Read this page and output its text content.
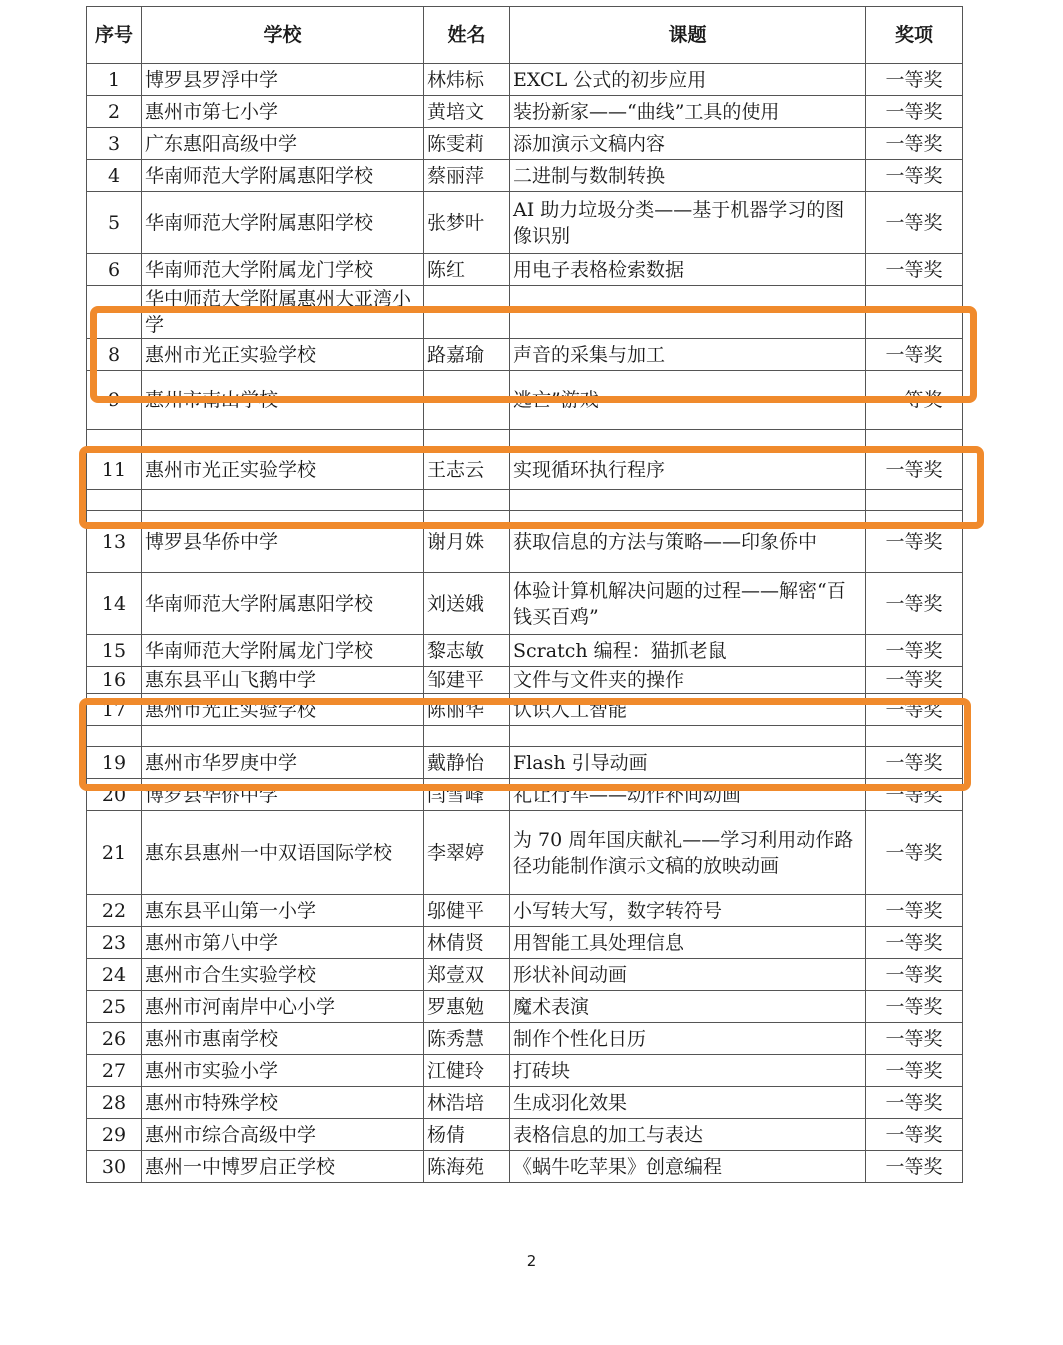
序号	学校	姓名	课题	奖项
1	博罗县罗浮中学	林炜标	EXCL 公式的初步应用	一等奖
2	惠州市第七小学	黄培文	装扮新家——“曲线”工具的使用	一等奖
3	广东惠阳高级中学	陈雯莉	添加演示文稿内容	一等奖
4	华南师范大学附属惠阳学校	蔡丽萍	二进制与数制转换	一等奖
5	华南师范大学附属惠阳学校	张梦叶	AI 助力垃圾分类——基于机器学习的图像识别	一等奖
6	华南师范大学附属龙门学校	陈红	用电子表格检索数据	一等奖
	华中师范大学附属惠州大亚湾小学			
8	惠州市光正实验学校	路嘉瑜	声音的采集与加工	一等奖
9	惠州市南山学校		逃亡”游戏	一等奖

11	惠州市光正实验学校	王志云	实现循环执行程序	一等奖

13	博罗县华侨中学	谢月姝	获取信息的方法与策略——印象侨中	一等奖
14	华南师范大学附属惠阳学校	刘送娥	体验计算机解决问题的过程——解密“百钱买百鸡”	一等奖
15	华南师范大学附属龙门学校	黎志敏	Scratch 编程：猫抓老鼠	一等奖
16	惠东县平山飞鹅中学	邹建平	文件与文件夹的操作	一等奖
17	惠州市光正实验学校	陈丽华	认识人工智能	一等奖

19	惠州市华罗庚中学	戴静怡	Flash 引导动画	一等奖
20	博罗县华侨中学	闫雪峰	礼让行车——动作补间动画	一等奖
21	惠东县惠州一中双语国际学校	李翠婷	为 70 周年国庆献礼——学习利用动作路径功能制作演示文稿的放映动画	一等奖
22	惠东县平山第一小学	邬健平	小写转大写，数字转符号	一等奖
23	惠州市第八中学	林倩贤	用智能工具处理信息	一等奖
24	惠州市合生实验学校	郑壹双	形状补间动画	一等奖
25	惠州市河南岸中心小学	罗惠勉	魔术表演	一等奖
26	惠州市惠南学校	陈秀慧	制作个性化日历	一等奖
27	惠州市实验小学	江健玲	打砖块	一等奖
28	惠州市特殊学校	林浩培	生成羽化效果	一等奖
29	惠州市综合高级中学	杨倩	表格信息的加工与表达	一等奖
30	惠州一中博罗启正学校	陈海苑	《蜗牛吃苹果》创意编程	一等奖
2
